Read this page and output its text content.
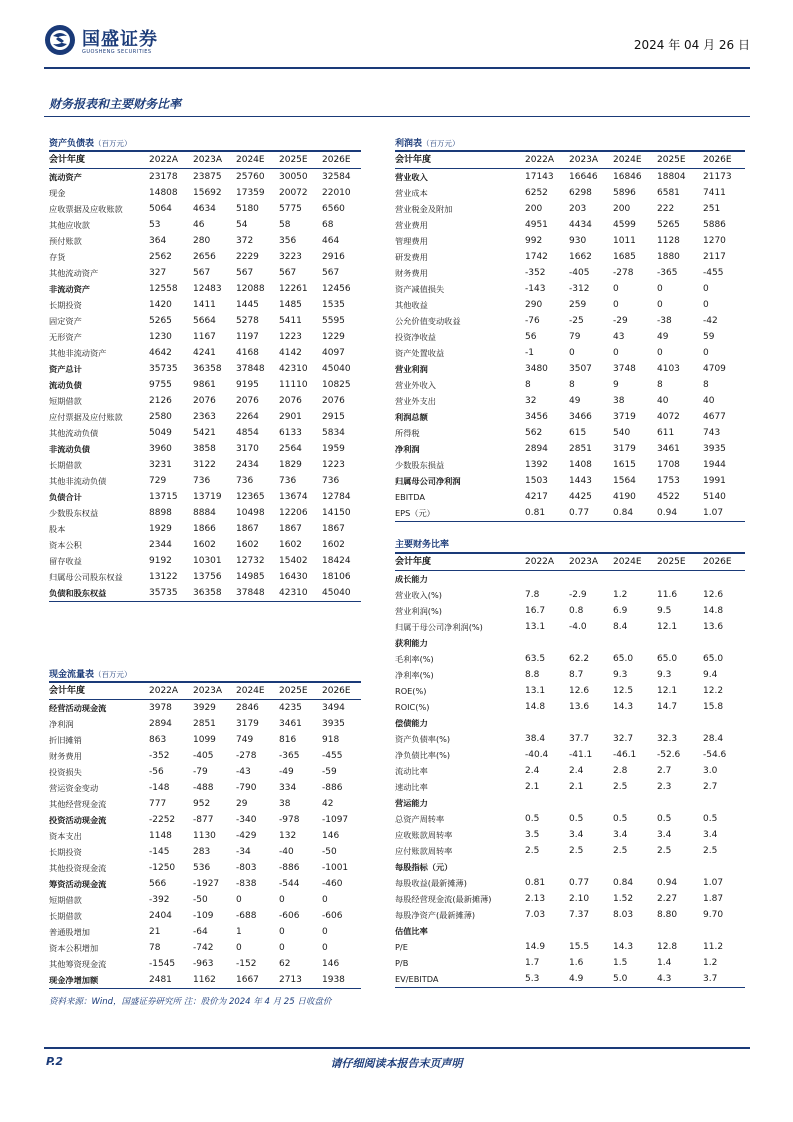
国盛证券
GUOSHENG SECURITIES	2024 年 04 月 26 日
财务报表和主要财务比率
资产负债表（百万元）
会计年度	2022A	2023A	2024E	2025E	2026E
流动资产	23178	23875	25760	30050	32584
现金	14808	15692	17359	20072	22010
应收票据及应收账款	5064	4634	5180	5775	6560
其他应收款	53	46	54	58	68
预付账款	364	280	372	356	464
存货	2562	2656	2229	3223	2916
其他流动资产	327	567	567	567	567
非流动资产	12558	12483	12088	12261	12456
长期投资	1420	1411	1445	1485	1535
固定资产	5265	5664	5278	5411	5595
无形资产	1230	1167	1197	1223	1229
其他非流动资产	4642	4241	4168	4142	4097
资产总计	35735	36358	37848	42310	45040
流动负债	9755	9861	9195	11110	10825
短期借款	2126	2076	2076	2076	2076
应付票据及应付账款	2580	2363	2264	2901	2915
其他流动负债	5049	5421	4854	6133	5834
非流动负债	3960	3858	3170	2564	1959
长期借款	3231	3122	2434	1829	1223
其他非流动负债	729	736	736	736	736
负债合计	13715	13719	12365	13674	12784
少数股东权益	8898	8884	10498	12206	14150
股本	1929	1866	1867	1867	1867
资本公积	2344	1602	1602	1602	1602
留存收益	9192	10301	12732	15402	18424
归属母公司股东权益	13122	13756	14985	16430	18106
负债和股东权益	35735	36358	37848	42310	45040
利润表（百万元）
会计年度	2022A	2023A	2024E	2025E	2026E
营业收入	17143	16646	16846	18804	21173
营业成本	6252	6298	5896	6581	7411
营业税金及附加	200	203	200	222	251
营业费用	4951	4434	4599	5265	5886
管理费用	992	930	1011	1128	1270
研发费用	1742	1662	1685	1880	2117
财务费用	-352	-405	-278	-365	-455
资产减值损失	-143	-312	0	0	0
其他收益	290	259	0	0	0
公允价值变动收益	-76	-25	-29	-38	-42
投资净收益	56	79	43	49	59
资产处置收益	-1	0	0	0	0
营业利润	3480	3507	3748	4103	4709
营业外收入	8	8	9	8	8
营业外支出	32	49	38	40	40
利润总额	3456	3466	3719	4072	4677
所得税	562	615	540	611	743
净利润	2894	2851	3179	3461	3935
少数股东损益	1392	1408	1615	1708	1944
归属母公司净利润	1503	1443	1564	1753	1991
EBITDA	4217	4425	4190	4522	5140
EPS（元）	0.81	0.77	0.84	0.94	1.07
主要财务比率
会计年度	2022A	2023A	2024E	2025E	2026E
成长能力					
营业收入(%)	7.8	-2.9	1.2	11.6	12.6
营业利润(%)	16.7	0.8	6.9	9.5	14.8
归属于母公司净利润(%)	13.1	-4.0	8.4	12.1	13.6
获利能力					
毛利率(%)	63.5	62.2	65.0	65.0	65.0
净利率(%)	8.8	8.7	9.3	9.3	9.4
ROE(%)	13.1	12.6	12.5	12.1	12.2
ROIC(%)	14.8	13.6	14.3	14.7	15.8
偿债能力					
资产负债率(%)	38.4	37.7	32.7	32.3	28.4
净负债比率(%)	-40.4	-41.1	-46.1	-52.6	-54.6
流动比率	2.4	2.4	2.8	2.7	3.0
速动比率	2.1	2.1	2.5	2.3	2.7
营运能力					
总资产周转率	0.5	0.5	0.5	0.5	0.5
应收账款周转率	3.5	3.4	3.4	3.4	3.4
应付账款周转率	2.5	2.5	2.5	2.5	2.5
每股指标（元）					
每股收益(最新摊薄)	0.81	0.77	0.84	0.94	1.07
每股经营现金流(最新摊薄)	2.13	2.10	1.52	2.27	1.87
每股净资产(最新摊薄)	7.03	7.37	8.03	8.80	9.70
估值比率					
P/E	14.9	15.5	14.3	12.8	11.2
P/B	1.7	1.6	1.5	1.4	1.2
EV/EBITDA	5.3	4.9	5.0	4.3	3.7
现金流量表（百万元）
会计年度	2022A	2023A	2024E	2025E	2026E
经营活动现金流	3978	3929	2846	4235	3494
净利润	2894	2851	3179	3461	3935
折旧摊销	863	1099	749	816	918
财务费用	-352	-405	-278	-365	-455
投资损失	-56	-79	-43	-49	-59
营运资金变动	-148	-488	-790	334	-886
其他经营现金流	777	952	29	38	42
投资活动现金流	-2252	-877	-340	-978	-1097
资本支出	1148	1130	-429	132	146
长期投资	-145	283	-34	-40	-50
其他投资现金流	-1250	536	-803	-886	-1001
筹资活动现金流	566	-1927	-838	-544	-460
短期借款	-392	-50	0	0	0
长期借款	2404	-109	-688	-606	-606
普通股增加	21	-64	1	0	0
资本公积增加	78	-742	0	0	0
其他筹资现金流	-1545	-963	-152	62	146
现金净增加额	2481	1162	1667	2713	1938
资料来源：Wind，国盛证券研究所 注：股价为 2024 年 4 月 25 日收盘价
P.2	请仔细阅读本报告末页声明
